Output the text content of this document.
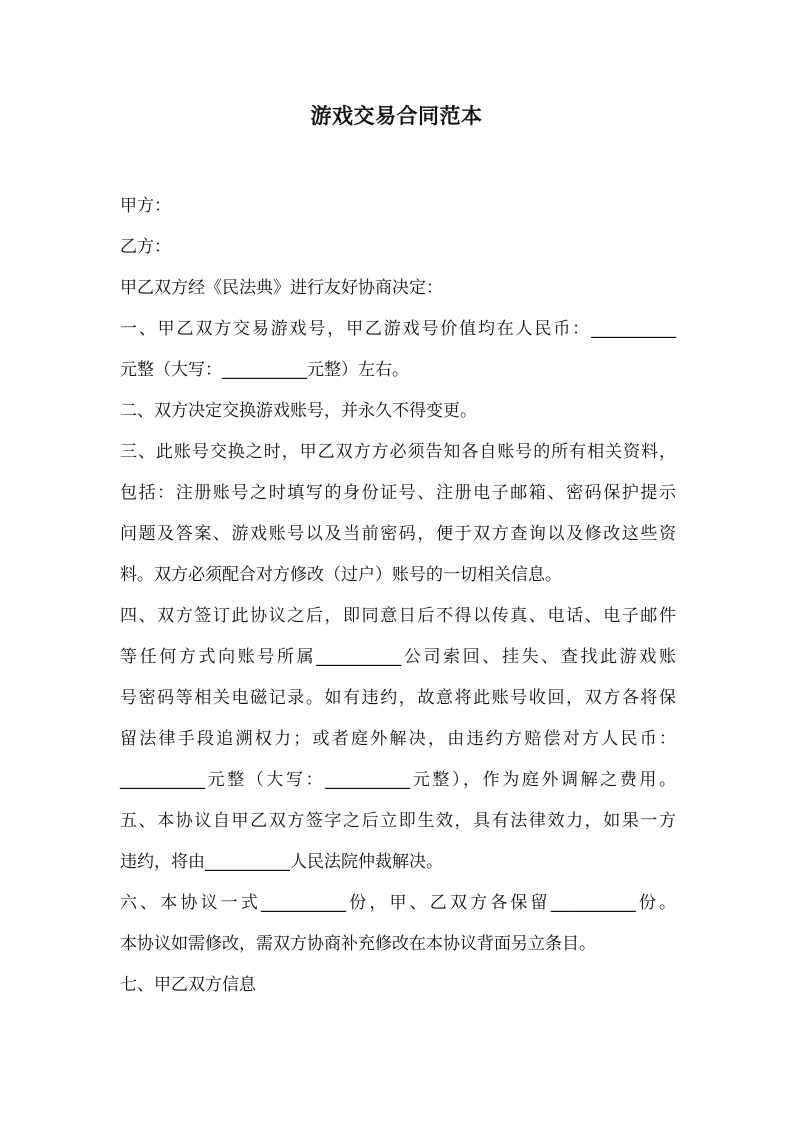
游戏交易合同范本
甲方：
乙方：
甲乙双方经《民法典》进行友好协商决定：
一、甲乙双方交易游戏号，甲乙游戏号价值均在人民币：__________
元整（大写：__________元整）左右。
二、双方决定交换游戏账号，并永久不得变更。
三、此账号交换之时，甲乙双方方必须告知各自账号的所有相关资料，
包括：注册账号之时填写的身份证号、注册电子邮箱、密码保护提示
问题及答案、游戏账号以及当前密码，便于双方查询以及修改这些资
料。双方必须配合对方修改（过户）账号的一切相关信息。
四、双方签订此协议之后，即同意日后不得以传真、电话、电子邮件
等任何方式向账号所属__________公司索回、挂失、查找此游戏账
号密码等相关电磁记录。如有违约，故意将此账号收回，双方各将保
留法律手段追溯权力；或者庭外解决，由违约方赔偿对方人民币：
__________元整（大写：__________元整），作为庭外调解之费用。
五、本协议自甲乙双方签字之后立即生效，具有法律效力，如果一方
违约，将由__________人民法院仲裁解决。
六、本协议一式__________份，甲、乙双方各保留__________份。
本协议如需修改，需双方协商补充修改在本协议背面另立条目。
七、甲乙双方信息
